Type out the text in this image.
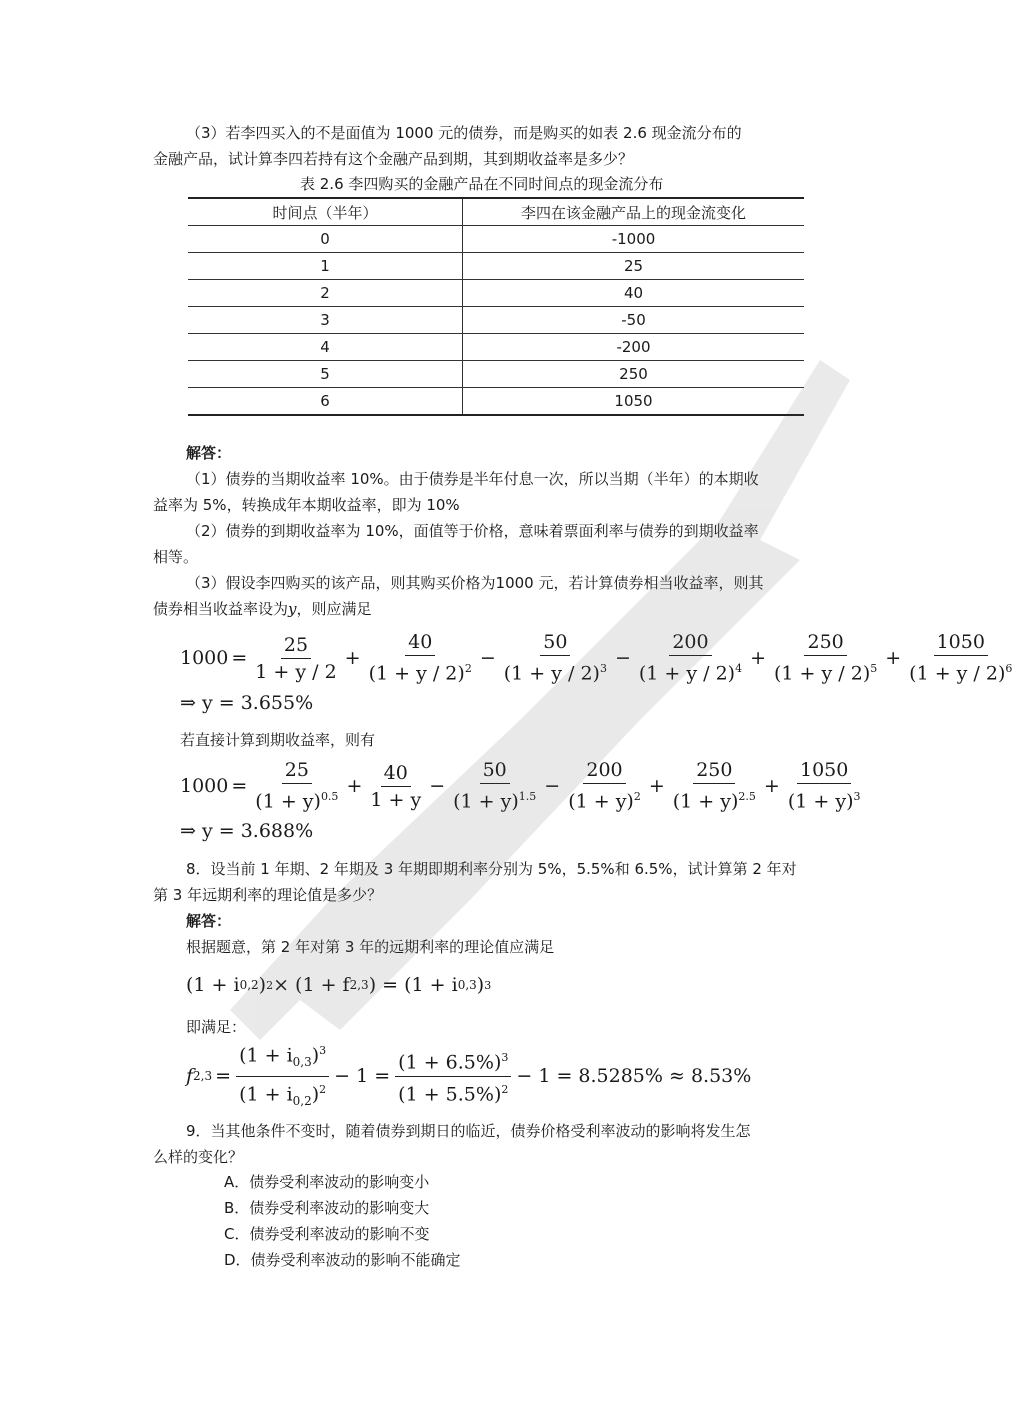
（3）若李四买入的不是面值为 1000 元的债券，而是购买的如表 2.6 现金流分布的

金融产品，试计算李四若持有这个金融产品到期，其到期收益率是多少？

表 2.6 李四购买的金融产品在不同时间点的现金流分布
时间点（半年）	李四在该金融产品上的现金流变化
0	-1000
1	25
2	40
3	-50
4	-200
5	250
6	1050

解答：

（1）债券的当期收益率 10%。由于债券是半年付息一次，所以当期（半年）的本期收

益率为 5%，转换成年本期收益率，即为 10%

（2）债券的到期收益率为 10%，面值等于价格，意味着票面利率与债券的到期收益率

相等。

（3）假设李四购买的该产品，则其购买价格为1000 元，若计算债券相当收益率，则其

债券相当收益率设为y，则应满足

$1000 = \frac{25}{1 + y / 2} + \frac{40}{(1 + y / 2)^2} - \frac{50}{(1 + y / 2)^3} - \frac{200}{(1 + y / 2)^4} + \frac{250}{(1 + y / 2)^5} + \frac{1050}{(1 + y / 2)^6}$
⇒ y = 3.655%

若直接计算到期收益率，则有

$1000 = \frac{25}{(1 + y)^{0.5}} + \frac{40}{1 + y} - \frac{50}{(1 + y)^{1.5}} - \frac{200}{(1 + y)^2} + \frac{250}{(1 + y)^{2.5}} + \frac{1050}{(1 + y)^3}$
⇒ y = 3.688%

8．设当前 1 年期、2 年期及 3 年期即期利率分别为 5%，5.5%和 6.5%，试计算第 2 年对

第 3 年远期利率的理论值是多少？

解答：

根据题意，第 2 年对第 3 年的远期利率的理论值应满足

(1 + i 0,2 ) 2 × (1 + f 2,3 ) = (1 + i 0,3 ) 3

即满足：

f $2,3 = \frac{(1 + i_{0,3})^3}{(1 + i_{0,2})^2} - 1 = \frac{(1 + 6.5\%)^3}{(1 + 5.5\%)^2} - 1 = 8.5285\% \approx 8.53\%$

9．当其他条件不变时，随着债券到期日的临近，债券价格受利率波动的影响将发生怎

么样的变化？

A．债券受利率波动的影响变小

B．债券受利率波动的影响变大

C．债券受利率波动的影响不变

D．债券受利率波动的影响不能确定
